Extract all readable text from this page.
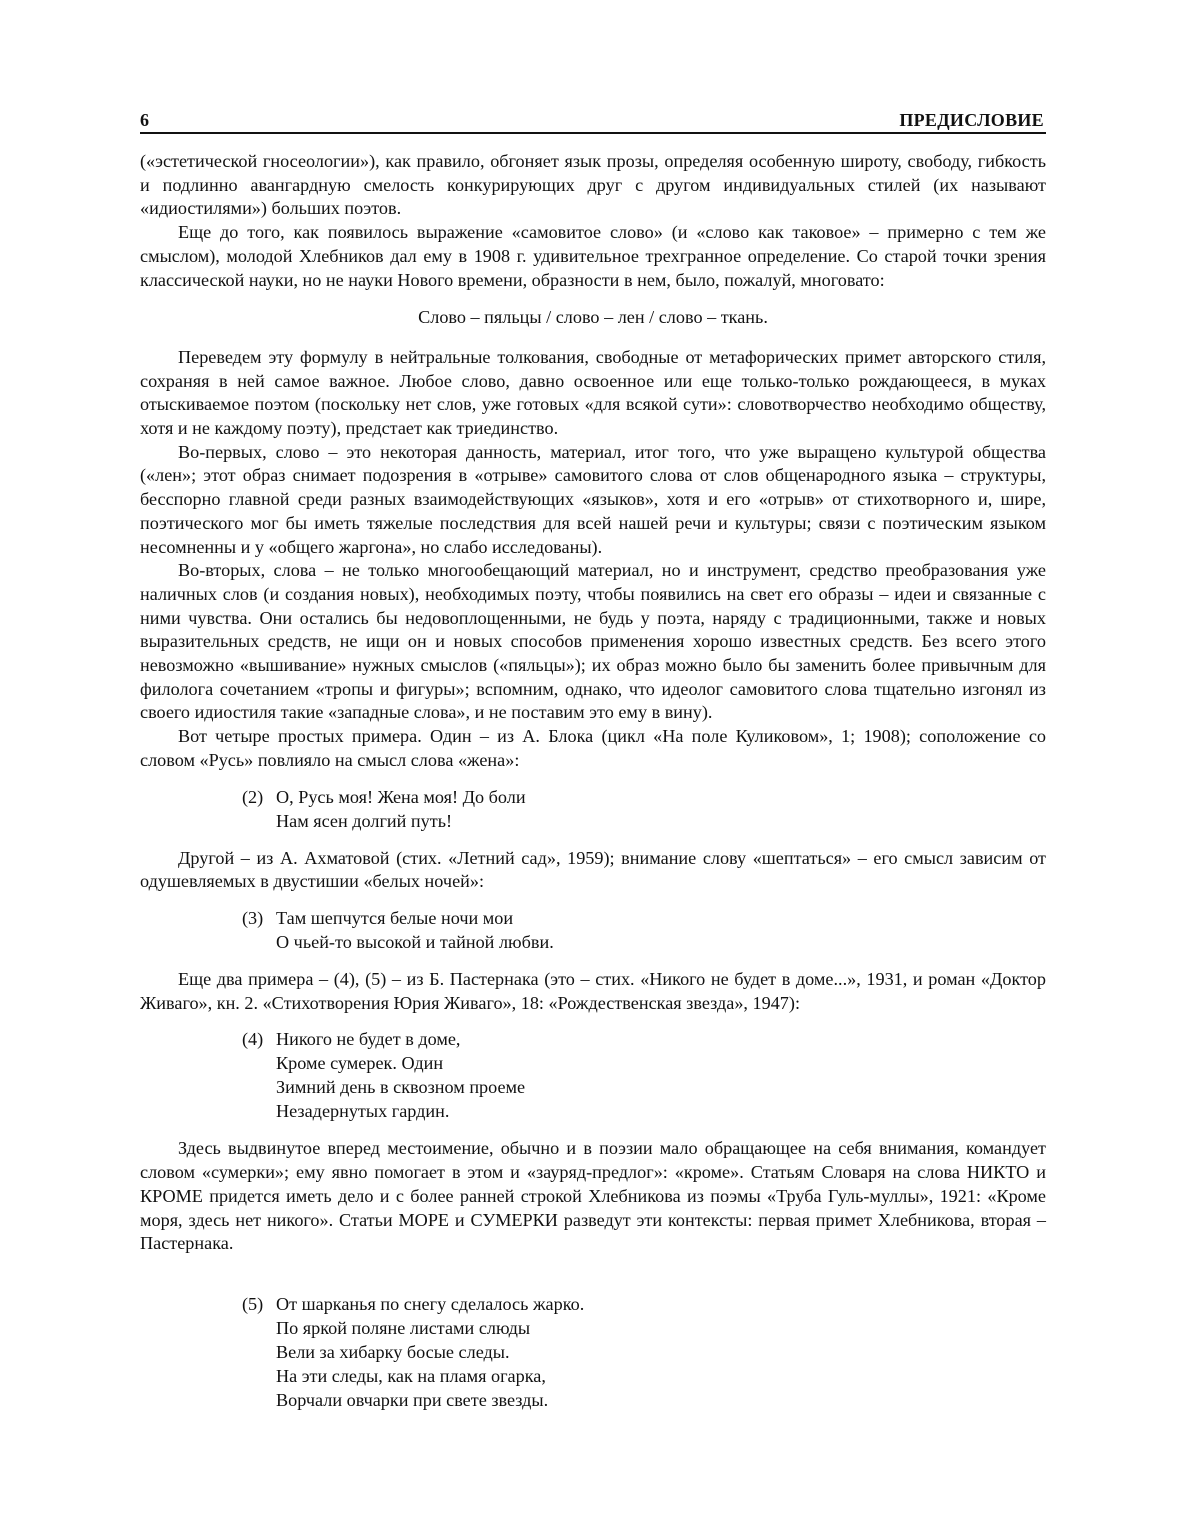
6	ПРЕДИСЛОВИЕ

(«эстетической гносеологии»), как правило, обгоняет язык прозы, определяя особенную широту, свободу, гибкость и подлинно авангардную смелость конкурирующих друг с другом индивидуальных стилей (их называют «идиостилями») больших поэтов.

Еще до того, как появилось выражение «самовитое слово» (и «слово как таковое» – примерно с тем же смыслом), молодой Хлебников дал ему в 1908 г. удивительное трехгранное определение. Со старой точки зрения классической науки, но не науки Нового времени, образности в нем, было, пожалуй, многовато:

Слово – пяльцы / слово – лен / слово – ткань.

Переведем эту формулу в нейтральные толкования, свободные от метафорических примет авторского стиля, сохраняя в ней самое важное. Любое слово, давно освоенное или еще только-только рождающееся, в муках отыскиваемое поэтом (поскольку нет слов, уже готовых «для всякой сути»: словотворчество необходимо обществу, хотя и не каждому поэту), предстает как триединство.

Во-первых, слово – это некоторая данность, материал, итог того, что уже выращено культурой общества («лен»; этот образ снимает подозрения в «отрыве» самовитого слова от слов общенародного языка – структуры, бесспорно главной среди разных взаимодействующих «языков», хотя и его «отрыв» от стихотворного и, шире, поэтического мог бы иметь тяжелые последствия для всей нашей речи и культуры; связи с поэтическим языком несомненны и у «общего жаргона», но слабо исследованы).

Во-вторых, слова – не только многообещающий материал, но и инструмент, средство преобразования уже наличных слов (и создания новых), необходимых поэту, чтобы появились на свет его образы – идеи и связанные с ними чувства. Они остались бы недовоплощенными, не будь у поэта, наряду с традиционными, также и новых выразительных средств, не ищи он и новых способов применения хорошо известных средств. Без всего этого невозможно «вышивание» нужных смыслов («пяльцы»); их образ можно было бы заменить более привычным для филолога сочетанием «тропы и фигуры»; вспомним, однако, что идеолог самовитого слова тщательно изгонял из своего идиостиля такие «западные слова», и не поставим это ему в вину).

Вот четыре простых примера. Один – из А. Блока (цикл «На поле Куликовом», 1; 1908); соположение со словом «Русь» повлияло на смысл слова «жена»:

(2) О, Русь моя! Жена моя! До боли
Нам ясен долгий путь!

Другой – из А. Ахматовой (стих. «Летний сад», 1959); внимание слову «шептаться» – его смысл зависим от одушевляемых в двустишии «белых ночей»:

(3) Там шепчутся белые ночи мои
О чьей-то высокой и тайной любви.

Еще два примера – (4), (5) – из Б. Пастернака (это – стих. «Никого не будет в доме...», 1931, и роман «Доктор Живаго», кн. 2. «Стихотворения Юрия Живаго», 18: «Рождественская звезда», 1947):

(4) Никого не будет в доме,
Кроме сумерек. Один
Зимний день в сквозном проеме
Незадернутых гардин.

Здесь выдвинутое вперед местоимение, обычно и в поэзии мало обращающее на себя внимания, командует словом «сумерки»; ему явно помогает в этом и «зауряд-предлог»: «кроме». Статьям Словаря на слова НИКТО и КРОМЕ придется иметь дело и с более ранней строкой Хлебникова из поэмы «Труба Гуль-муллы», 1921: «Кроме моря, здесь нет никого». Статьи МОРЕ и СУМЕРКИ разведут эти контексты: первая примет Хлебникова, вторая – Пастернака.

(5) От шарканья по снегу сделалось жарко.
По яркой поляне листами слюды
Вели за хибарку босые следы.
На эти следы, как на пламя огарка,
Ворчали овчарки при свете звезды.
